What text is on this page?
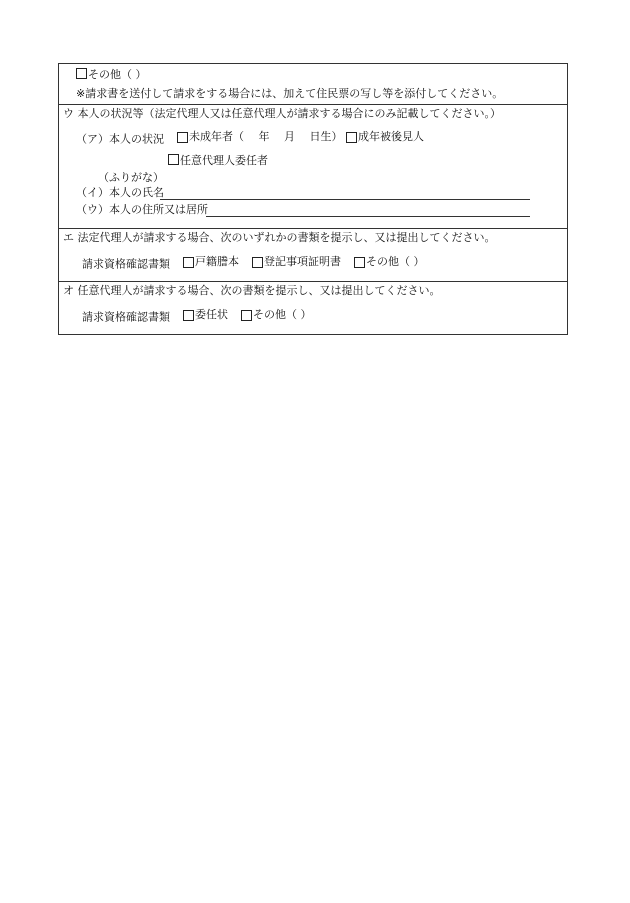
その他（ ）
※請求書を送付して請求をする場合には、加えて住民票の写し等を添付してください。
ウ 本人の状況等（法定代理人又は任意代理人が請求する場合にのみ記載してください。）
（ア）本人の状況 未成年者（　 年　 月　 日生）
成年被後見人
任意代理人委任者
（ふりがな）
（イ）本人の氏名
（ウ）本人の住所又は居所
エ 法定代理人が請求する場合、次のいずれかの書類を提示し、又は提出してください。
請求資格確認書類 戸籍謄本
登記事項証明書
その他（ ）
オ 任意代理人が請求する場合、次の書類を提示し、又は提出してください。
請求資格確認書類 委任状
その他（ ）
